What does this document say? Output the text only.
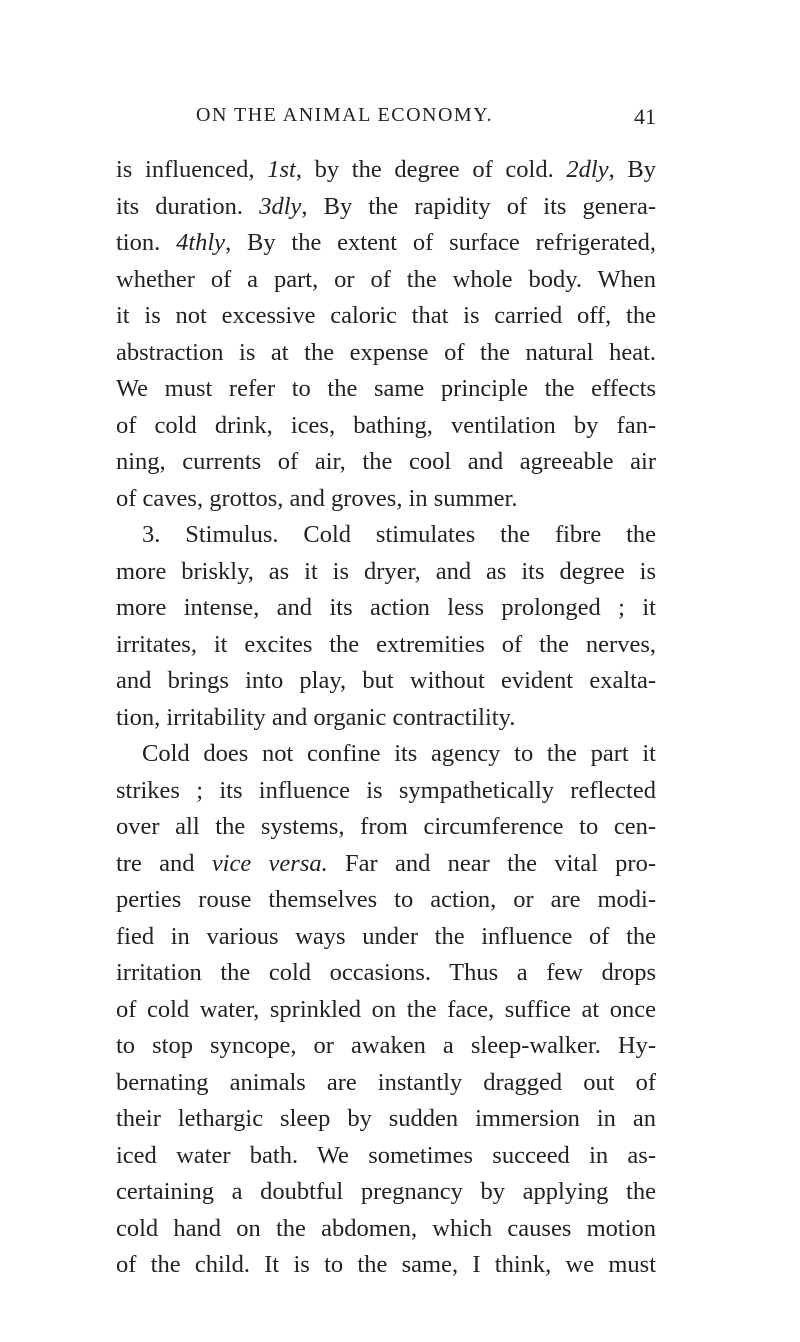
ON THE ANIMAL ECONOMY.	41
is influenced, 1st, by the degree of cold. 2dly, By
its duration. 3dly, By the rapidity of its genera-
tion. 4thly, By the extent of surface refrigerated,
whether of a part, or of the whole body. When
it is not excessive caloric that is carried off, the
abstraction is at the expense of the natural heat.
We must refer to the same principle the effects
of cold drink, ices, bathing, ventilation by fan-
ning, currents of air, the cool and agreeable air
of caves, grottos, and groves, in summer.
3. Stimulus. Cold stimulates the fibre the
more briskly, as it is dryer, and as its degree is
more intense, and its action less prolonged ; it
irritates, it excites the extremities of the nerves,
and brings into play, but without evident exalta-
tion, irritability and organic contractility.
Cold does not confine its agency to the part it
strikes ; its influence is sympathetically reflected
over all the systems, from circumference to cen-
tre and vice versa. Far and near the vital pro-
perties rouse themselves to action, or are modi-
fied in various ways under the influence of the
irritation the cold occasions. Thus a few drops
of cold water, sprinkled on the face, suffice at once
to stop syncope, or awaken a sleep-walker. Hy-
bernating animals are instantly dragged out of
their lethargic sleep by sudden immersion in an
iced water bath. We sometimes succeed in as-
certaining a doubtful pregnancy by applying the
cold hand on the abdomen, which causes motion
of the child. It is to the same, I think, we must
